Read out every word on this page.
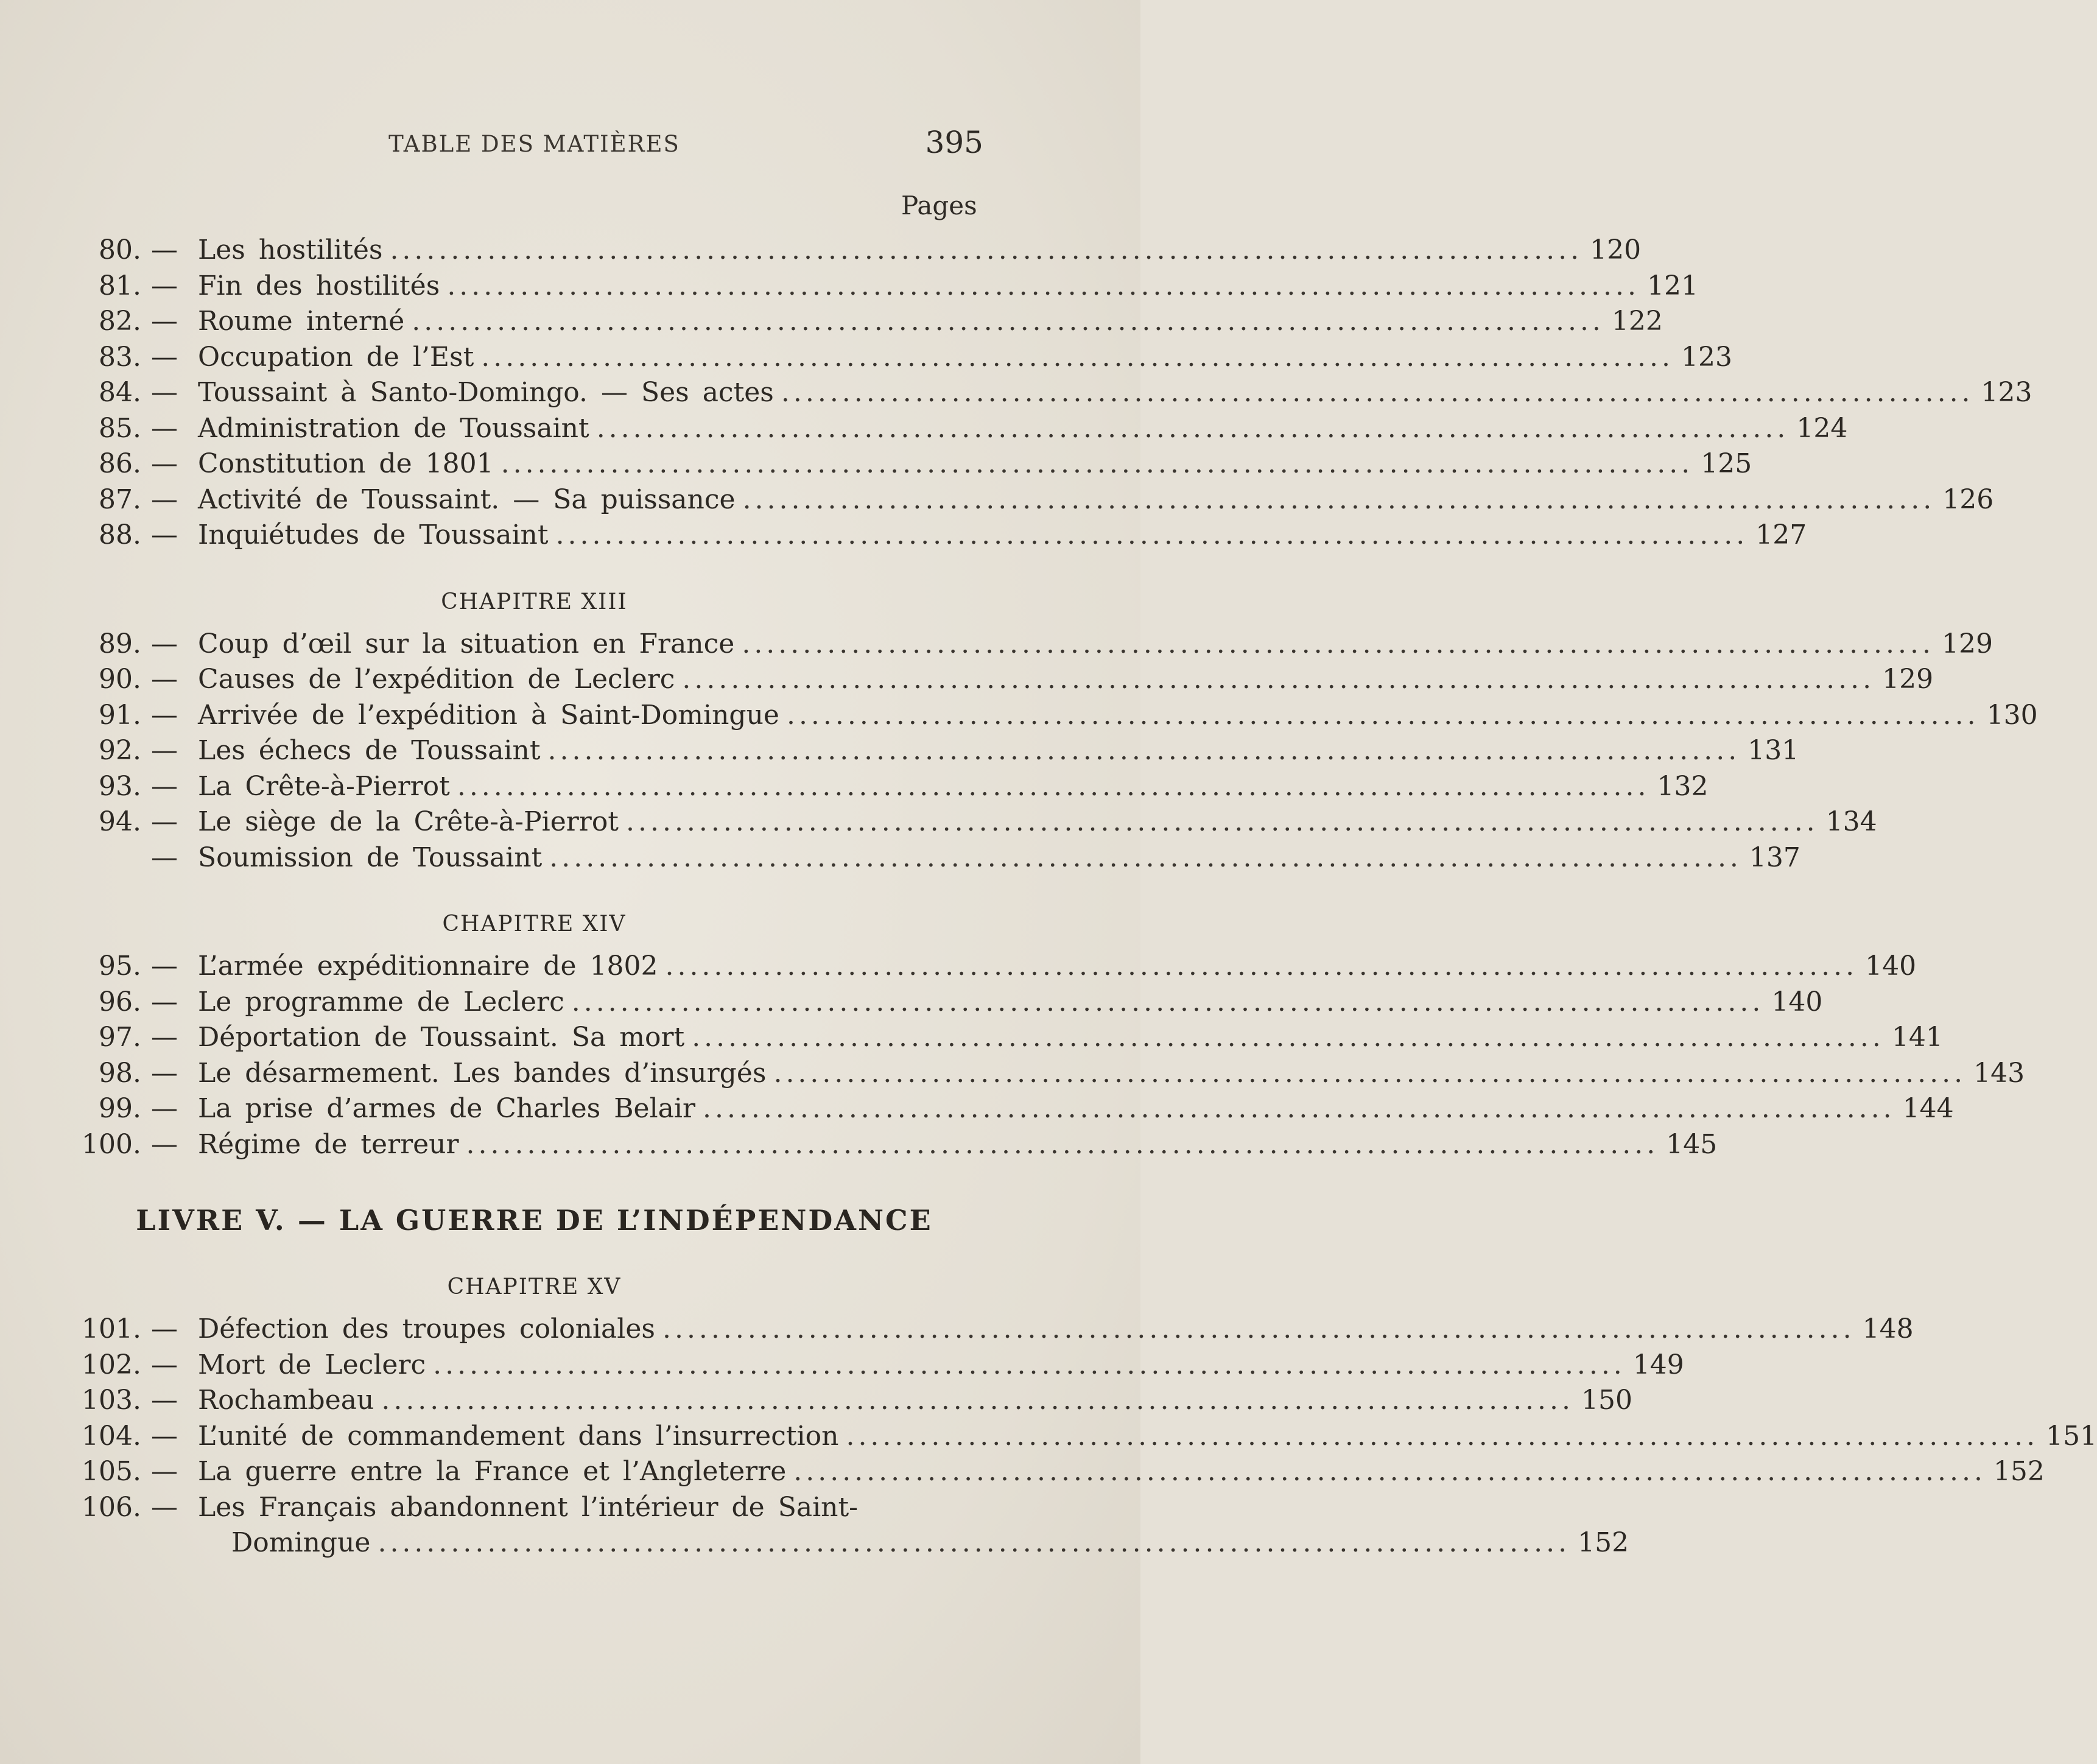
TABLE DES MATIÈRES	395
Pages
80. — Les hostilités .................................................................................................. 120
81. — Fin des hostilités .................................................................................................. 121
82. — Roume interné .................................................................................................. 122
83. — Occupation de l’Est .................................................................................................. 123
84. — Toussaint à Santo-Domingo. — Ses actes .................................................................................................. 123
85. — Administration de Toussaint .................................................................................................. 124
86. — Constitution de 1801 .................................................................................................. 125
87. — Activité de Toussaint. — Sa puissance .................................................................................................. 126
88. — Inquiétudes de Toussaint .................................................................................................. 127
CHAPITRE XIII
89. — Coup d’œil sur la situation en France .................................................................................................. 129
90. — Causes de l’expédition de Leclerc .................................................................................................. 129
91. — Arrivée de l’expédition à Saint-Domingue .................................................................................................. 130
92. — Les échecs de Toussaint .................................................................................................. 131
93. — La Crête-à-Pierrot .................................................................................................. 132
94. — Le siège de la Crête-à-Pierrot .................................................................................................. 134
— Soumission de Toussaint .................................................................................................. 137
CHAPITRE XIV
95. — L’armée expéditionnaire de 1802 .................................................................................................. 140
96. — Le programme de Leclerc .................................................................................................. 140
97. — Déportation de Toussaint. Sa mort .................................................................................................. 141
98. — Le désarmement. Les bandes d’insurgés .................................................................................................. 143
99. — La prise d’armes de Charles Belair .................................................................................................. 144
100. — Régime de terreur .................................................................................................. 145
LIVRE V. — LA GUERRE DE L’INDÉPENDANCE
CHAPITRE XV
101. — Défection des troupes coloniales .................................................................................................. 148
102. — Mort de Leclerc .................................................................................................. 149
103. — Rochambeau .................................................................................................. 150
104. — L’unité de commandement dans l’insurrection .................................................................................................. 151
105. — La guerre entre la France et l’Angleterre .................................................................................................. 152
106. — Les Français abandonnent l’intérieur de Saint-
Domingue .................................................................................................. 152
